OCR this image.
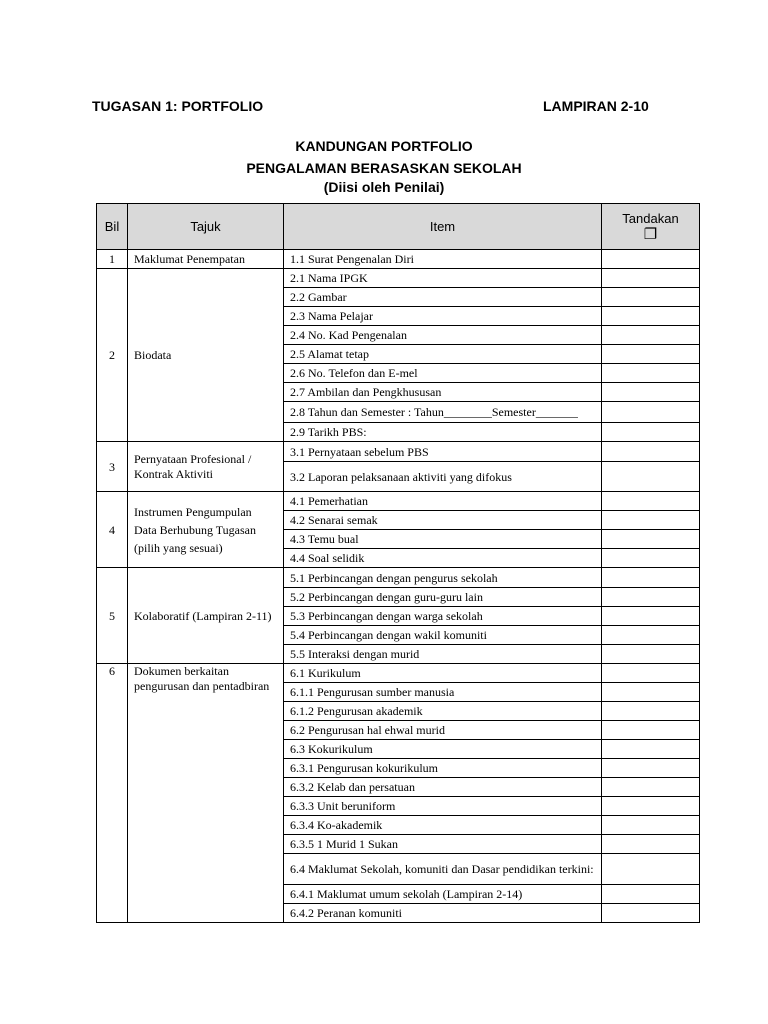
TUGASAN 1: PORTFOLIO	LAMPIRAN 2-10
KANDUNGAN PORTFOLIO
PENGALAMAN BERASASKAN SEKOLAH
(Diisi oleh Penilai)
Bil	Tajuk	Item	Tandakan
❐
1	Maklumat Penempatan	1.1 Surat Pengenalan Diri	
2	Biodata	2.1 Nama IPGK	
		2.2 Gambar	
		2.3 Nama Pelajar	
		2.4 No. Kad Pengenalan	
		2.5 Alamat tetap	
		2.6 No. Telefon dan E-mel	
		2.7 Ambilan dan Pengkhususan	
		2.8 Tahun dan Semester : Tahun________Semester_______	
		2.9 Tarikh PBS:	
3	Pernyataan Profesional / Kontrak Aktiviti	3.1 Pernyataan sebelum PBS	
		3.2 Laporan pelaksanaan aktiviti yang difokus	
4	Instrumen Pengumpulan Data Berhubung Tugasan (pilih yang sesuai)	4.1 Pemerhatian	
		4.2 Senarai semak	
		4.3 Temu bual	
		4.4 Soal selidik	
5	Kolaboratif (Lampiran 2-11)	5.1 Perbincangan dengan pengurus sekolah	
		5.2 Perbincangan dengan guru-guru lain	
		5.3 Perbincangan dengan warga sekolah	
		5.4 Perbincangan dengan wakil komuniti	
		5.5 Interaksi dengan murid	
6	Dokumen berkaitan pengurusan dan pentadbiran	6.1 Kurikulum	
		6.1.1 Pengurusan sumber manusia	
		6.1.2 Pengurusan akademik	
		6.2 Pengurusan hal ehwal murid	
		6.3 Kokurikulum	
		6.3.1 Pengurusan kokurikulum	
		6.3.2 Kelab dan persatuan	
		6.3.3 Unit beruniform	
		6.3.4 Ko-akademik	
		6.3.5 1 Murid 1 Sukan	
		6.4 Maklumat Sekolah, komuniti dan Dasar pendidikan terkini:	
		6.4.1 Maklumat umum sekolah (Lampiran 2-14)	
		6.4.2 Peranan komuniti	
